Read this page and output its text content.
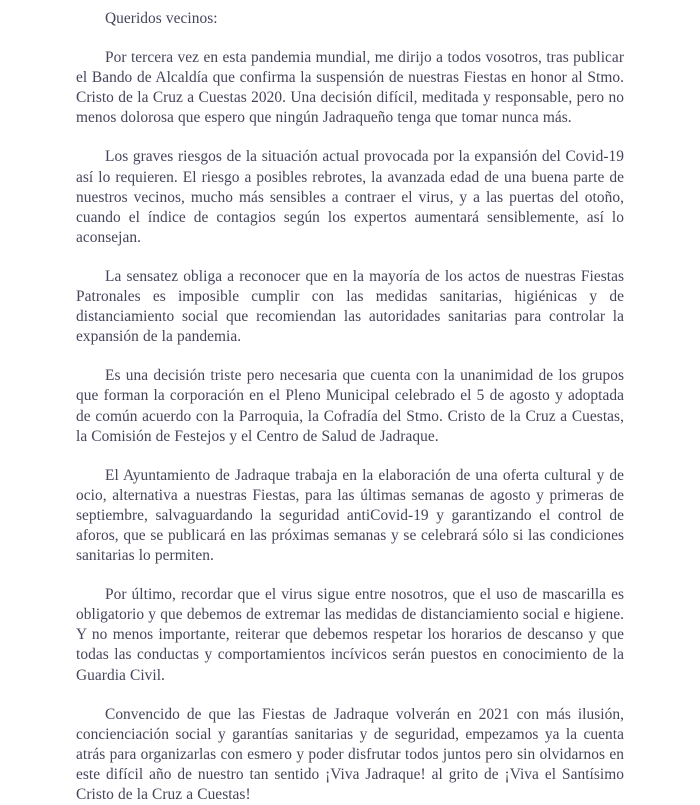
Queridos vecinos:

Por tercera vez en esta pandemia mundial, me dirijo a todos vosotros, tras publicar el Bando de Alcaldía que confirma la suspensión de nuestras Fiestas en honor al Stmo. Cristo de la Cruz a Cuestas 2020. Una decisión difícil, meditada y responsable, pero no menos dolorosa que espero que ningún Jadraqueño tenga que tomar nunca más.

Los graves riesgos de la situación actual provocada por la expansión del Covid-19 así lo requieren. El riesgo a posibles rebrotes, la avanzada edad de una buena parte de nuestros vecinos, mucho más sensibles a contraer el virus, y a las puertas del otoño, cuando el índice de contagios según los expertos aumentará sensiblemente, así lo aconsejan.

La sensatez obliga a reconocer que en la mayoría de los actos de nuestras Fiestas Patronales es imposible cumplir con las medidas sanitarias, higiénicas y de distanciamiento social que recomiendan las autoridades sanitarias para controlar la expansión de la pandemia.

Es una decisión triste pero necesaria que cuenta con la unanimidad de los grupos que forman la corporación en el Pleno Municipal celebrado el 5 de agosto y adoptada de común acuerdo con la Parroquia, la Cofradía del Stmo. Cristo de la Cruz a Cuestas, la Comisión de Festejos y el Centro de Salud de Jadraque.

El Ayuntamiento de Jadraque trabaja en la elaboración de una oferta cultural y de ocio, alternativa a nuestras Fiestas, para las últimas semanas de agosto y primeras de septiembre, salvaguardando la seguridad antiCovid-19 y garantizando el control de aforos, que se publicará en las próximas semanas y se celebrará sólo si las condiciones sanitarias lo permiten.

Por último, recordar que el virus sigue entre nosotros, que el uso de mascarilla es obligatorio y que debemos de extremar las medidas de distanciamiento social e higiene. Y no menos importante, reiterar que debemos respetar los horarios de descanso y que todas las conductas y comportamientos incívicos serán puestos en conocimiento de la Guardia Civil.

Convencido de que las Fiestas de Jadraque volverán en 2021 con más ilusión, concienciación social y garantías sanitarias y de seguridad, empezamos ya la cuenta atrás para organizarlas con esmero y poder disfrutar todos juntos pero sin olvidarnos en este difícil año de nuestro tan sentido ¡Viva Jadraque! al grito de ¡Viva el Santísimo Cristo de la Cruz a Cuestas!
